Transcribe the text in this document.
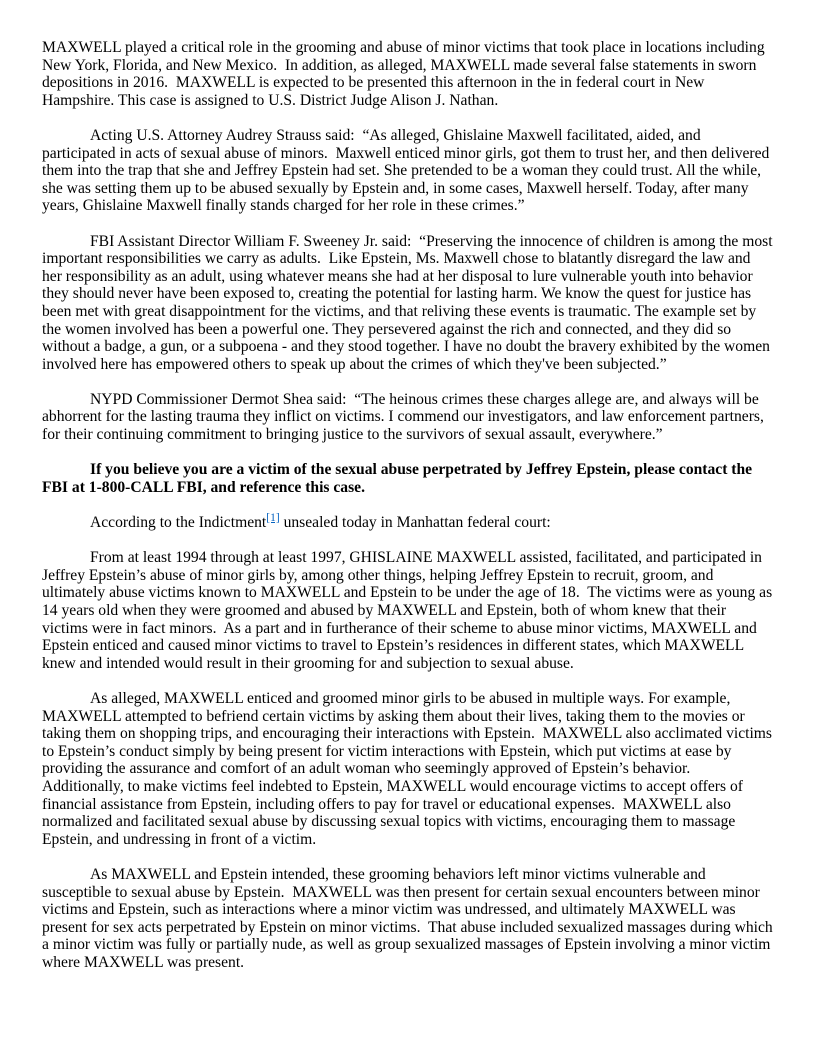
MAXWELL played a critical role in the grooming and abuse of minor victims that took place in locations including New York, Florida, and New Mexico.  In addition, as alleged, MAXWELL made several false statements in sworn depositions in 2016.  MAXWELL is expected to be presented this afternoon in the in federal court in New Hampshire. This case is assigned to U.S. District Judge Alison J. Nathan.

Acting U.S. Attorney Audrey Strauss said:  “As alleged, Ghislaine Maxwell facilitated, aided, and participated in acts of sexual abuse of minors.  Maxwell enticed minor girls, got them to trust her, and then delivered them into the trap that she and Jeffrey Epstein had set. She pretended to be a woman they could trust. All the while, she was setting them up to be abused sexually by Epstein and, in some cases, Maxwell herself. Today, after many years, Ghislaine Maxwell finally stands charged for her role in these crimes.”

FBI Assistant Director William F. Sweeney Jr. said:  “Preserving the innocence of children is among the most important responsibilities we carry as adults.  Like Epstein, Ms. Maxwell chose to blatantly disregard the law and her responsibility as an adult, using whatever means she had at her disposal to lure vulnerable youth into behavior they should never have been exposed to, creating the potential for lasting harm. We know the quest for justice has been met with great disappointment for the victims, and that reliving these events is traumatic. The example set by the women involved has been a powerful one. They persevered against the rich and connected, and they did so without a badge, a gun, or a subpoena - and they stood together. I have no doubt the bravery exhibited by the women involved here has empowered others to speak up about the crimes of which they've been subjected.”

NYPD Commissioner Dermot Shea said:  “The heinous crimes these charges allege are, and always will be abhorrent for the lasting trauma they inflict on victims. I commend our investigators, and law enforcement partners, for their continuing commitment to bringing justice to the survivors of sexual assault, everywhere.”

If you believe you are a victim of the sexual abuse perpetrated by Jeffrey Epstein, please contact the FBI at 1-800-CALL FBI, and reference this case.

According to the Indictment[1] unsealed today in Manhattan federal court:

From at least 1994 through at least 1997, GHISLAINE MAXWELL assisted, facilitated, and participated in Jeffrey Epstein’s abuse of minor girls by, among other things, helping Jeffrey Epstein to recruit, groom, and ultimately abuse victims known to MAXWELL and Epstein to be under the age of 18.  The victims were as young as 14 years old when they were groomed and abused by MAXWELL and Epstein, both of whom knew that their victims were in fact minors.  As a part and in furtherance of their scheme to abuse minor victims, MAXWELL and Epstein enticed and caused minor victims to travel to Epstein’s residences in different states, which MAXWELL knew and intended would result in their grooming for and subjection to sexual abuse.

As alleged, MAXWELL enticed and groomed minor girls to be abused in multiple ways. For example, MAXWELL attempted to befriend certain victims by asking them about their lives, taking them to the movies or taking them on shopping trips, and encouraging their interactions with Epstein.  MAXWELL also acclimated victims to Epstein’s conduct simply by being present for victim interactions with Epstein, which put victims at ease by providing the assurance and comfort of an adult woman who seemingly approved of Epstein’s behavior. Additionally, to make victims feel indebted to Epstein, MAXWELL would encourage victims to accept offers of financial assistance from Epstein, including offers to pay for travel or educational expenses.  MAXWELL also normalized and facilitated sexual abuse by discussing sexual topics with victims, encouraging them to massage Epstein, and undressing in front of a victim.

As MAXWELL and Epstein intended, these grooming behaviors left minor victims vulnerable and susceptible to sexual abuse by Epstein.  MAXWELL was then present for certain sexual encounters between minor victims and Epstein, such as interactions where a minor victim was undressed, and ultimately MAXWELL was present for sex acts perpetrated by Epstein on minor victims.  That abuse included sexualized massages during which a minor victim was fully or partially nude, as well as group sexualized massages of Epstein involving a minor victim where MAXWELL was present.
